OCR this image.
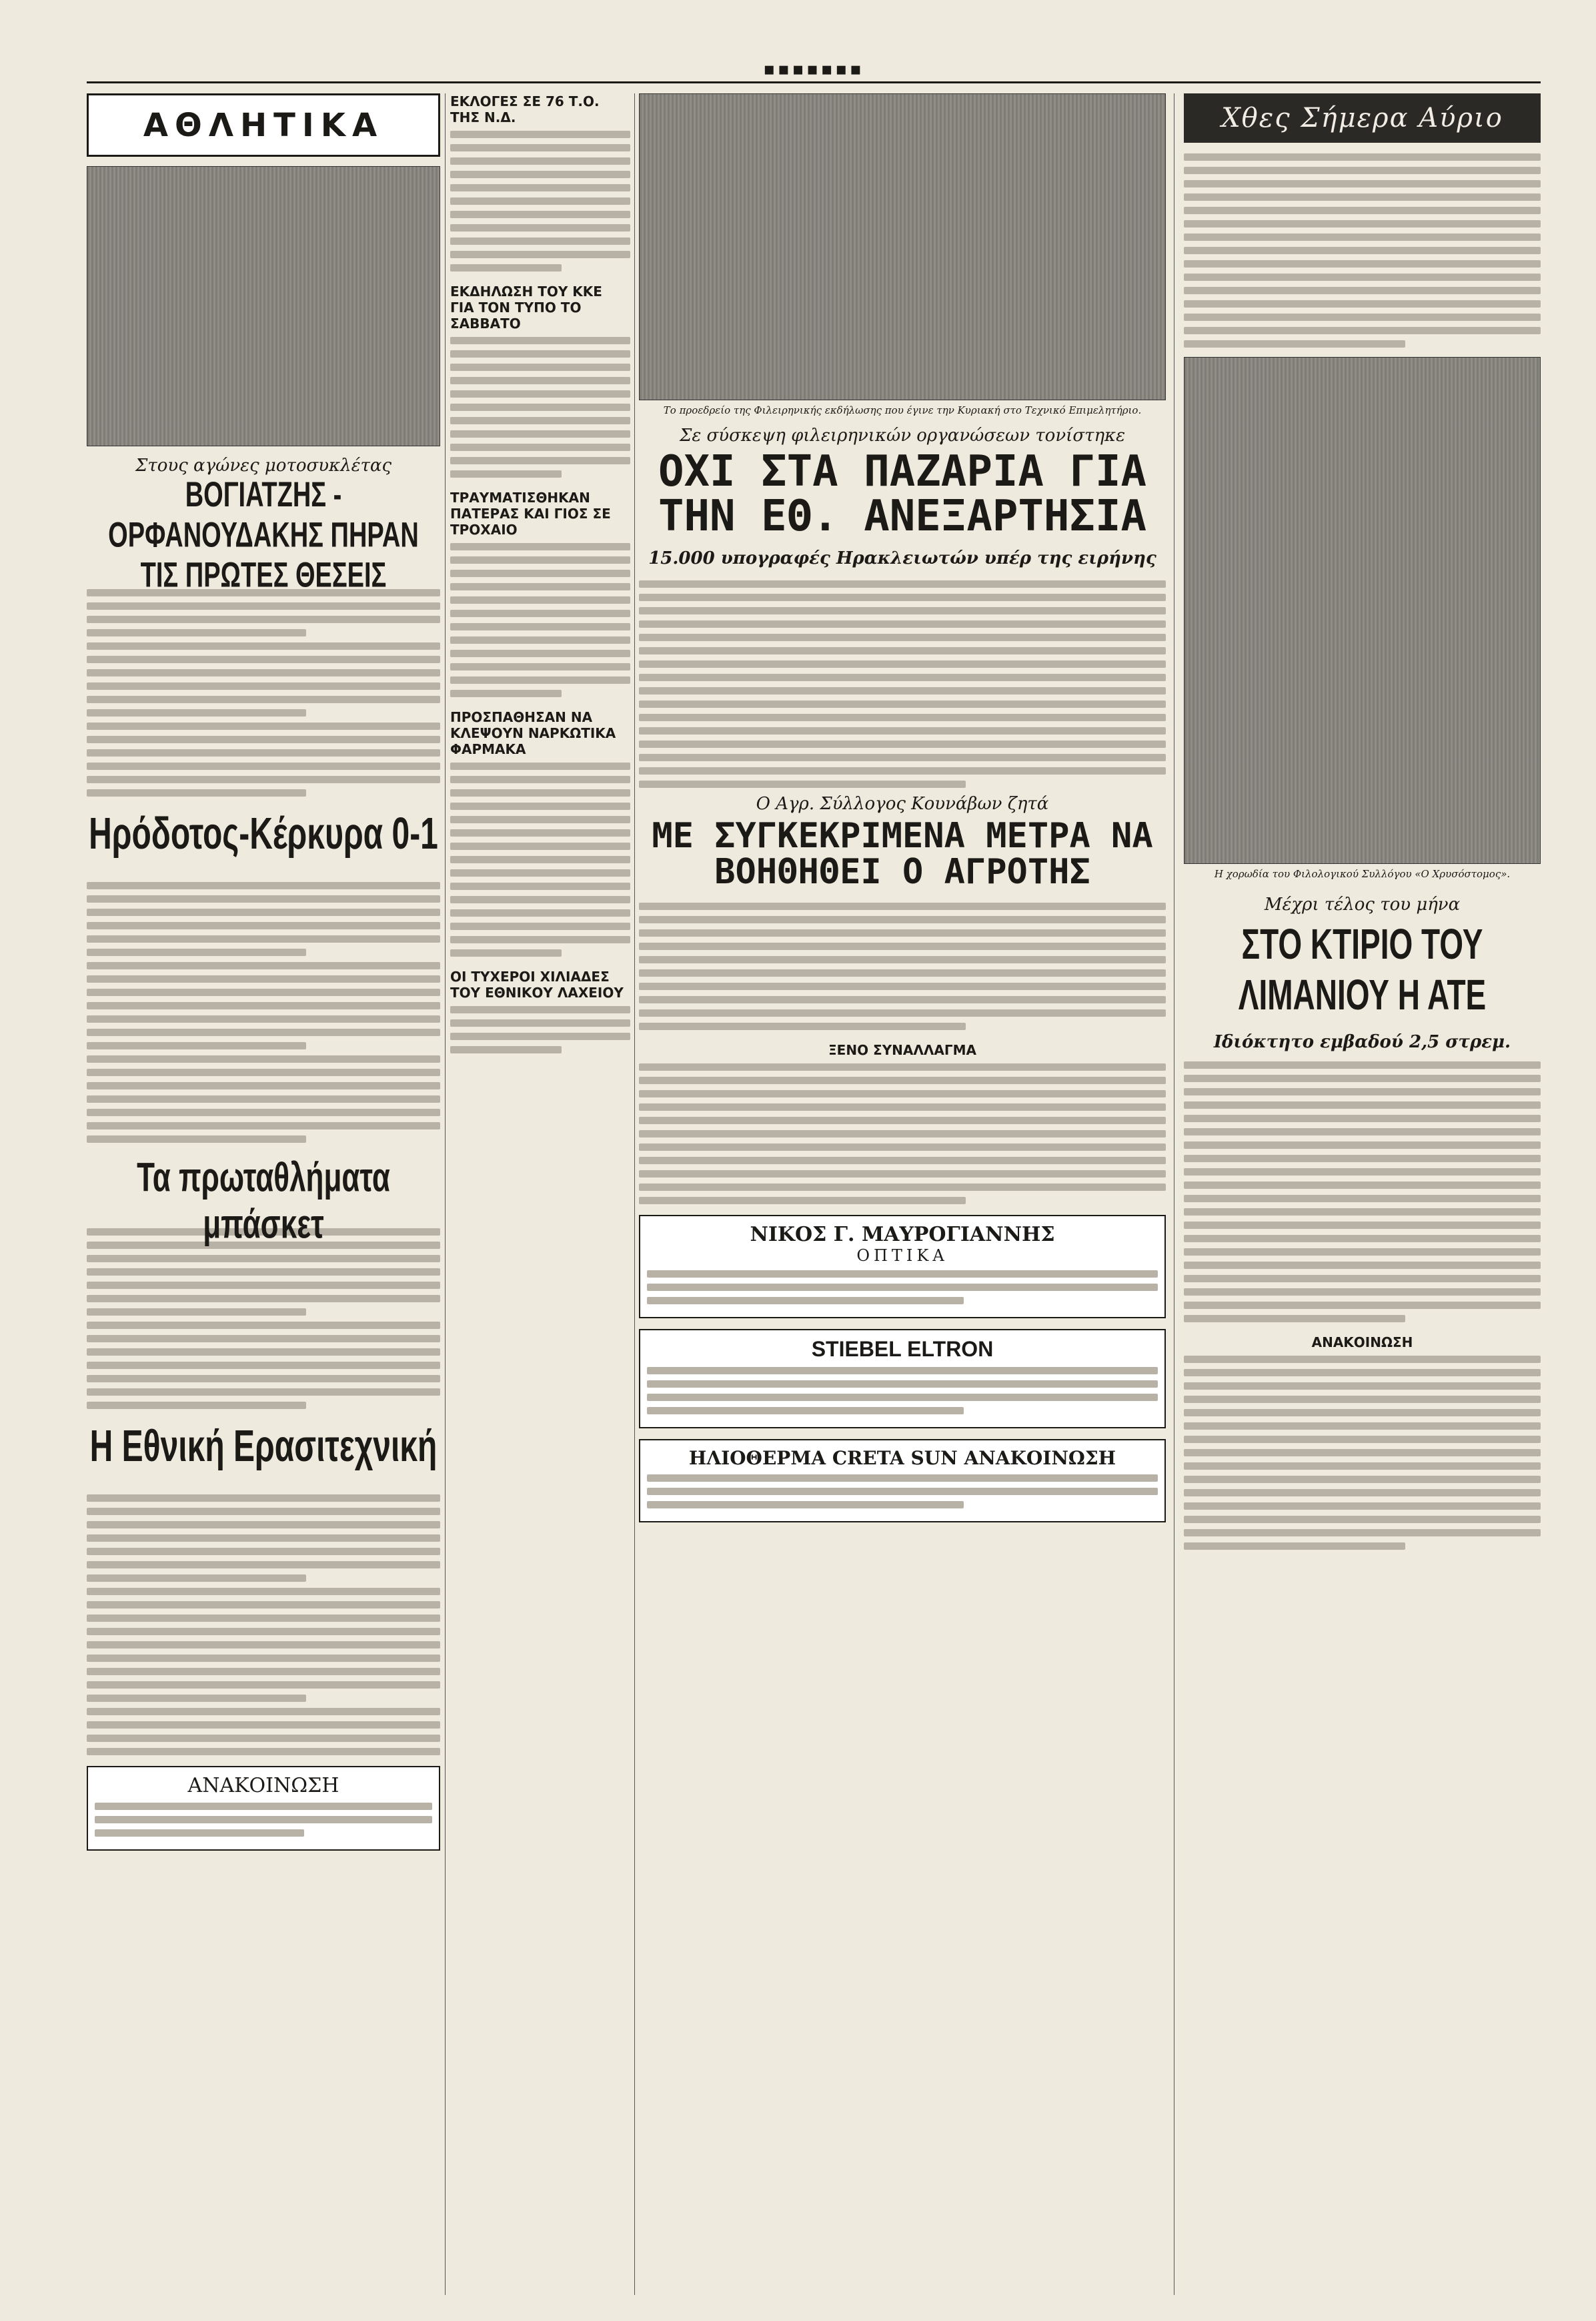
▪▪▪▪▪▪▪
ΑΘΛΗΤΙΚΑ
Στους αγώνες μοτοσυκλέτας
ΒΟΓΙΑΤΖΗΣ - ΟΡΦΑΝΟΥΔΑΚΗΣ ΠΗΡΑΝ ΤΙΣ ΠΡΩΤΕΣ ΘΕΣΕΙΣ
Ηρόδοτος-Κέρκυρα 0-1
Τα πρωταθλήματα μπάσκετ
Η Εθνική Ερασιτεχνική
ΑΝΑΚΟΙΝΩΣΗ
ΕΚΛΟΓΕΣ ΣΕ 76 Τ.Ο. ΤΗΣ Ν.Δ.
ΕΚΔΗΛΩΣΗ ΤΟΥ ΚΚΕ ΓΙΑ ΤΟΝ ΤΥΠΟ ΤΟ ΣΑΒΒΑΤΟ
ΤΡΑΥΜΑΤΙΣΘΗΚΑΝ ΠΑΤΕΡΑΣ ΚΑΙ ΓΙΟΣ ΣΕ ΤΡΟΧΑΙΟ
ΠΡΟΣΠΑΘΗΣΑΝ ΝΑ ΚΛΕΨΟΥΝ ΝΑΡΚΩΤΙΚΑ ΦΑΡΜΑΚΑ
ΟΙ ΤΥΧΕΡΟΙ ΧΙΛΙΑΔΕΣ ΤΟΥ ΕΘΝΙΚΟΥ ΛΑΧΕΙΟΥ
Το προεδρείο της Φιλειρηνικής εκδήλωσης που έγινε την Κυριακή στο Τεχνικό Επιμελητήριο.
Σε σύσκεψη φιλειρηνικών οργανώσεων τονίστηκε
ΟΧΙ ΣΤΑ ΠΑΖΑΡΙΑ ΓΙΑ ΤΗΝ ΕΘ. ΑΝΕΞΑΡΤΗΣΙΑ
15.000 υπογραφές Ηρακλειωτών υπέρ της ειρήνης
Ο Αγρ. Σύλλογος Κουνάβων ζητά
ΜΕ ΣΥΓΚΕΚΡΙΜΕΝΑ ΜΕΤΡΑ ΝΑ ΒΟΗΘΗΘΕΙ Ο ΑΓΡΟΤΗΣ
ΞΕΝΟ ΣΥΝΑΛΛΑΓΜΑ
ΝΙΚΟΣ Γ. ΜΑΥΡΟΓΙΑΝΝΗΣ
ΟΠΤΙΚΑ
STIEBEL ELTRON
ΗΛΙΟΘΕΡΜΑ CRETA SUN ΑΝΑΚΟΙΝΩΣΗ
Χθες Σήμερα Αύριο
Η χορωδία του Φιλολογικού Συλλόγου «Ο Χρυσόστομος».
Μέχρι τέλος του μήνα
ΣΤΟ ΚΤΙΡΙΟ ΤΟΥ ΛΙΜΑΝΙΟΥ Η ΑΤΕ
Ιδιόκτητο εμβαδού 2,5 στρεμ.
ΑΝΑΚΟΙΝΩΣΗ
